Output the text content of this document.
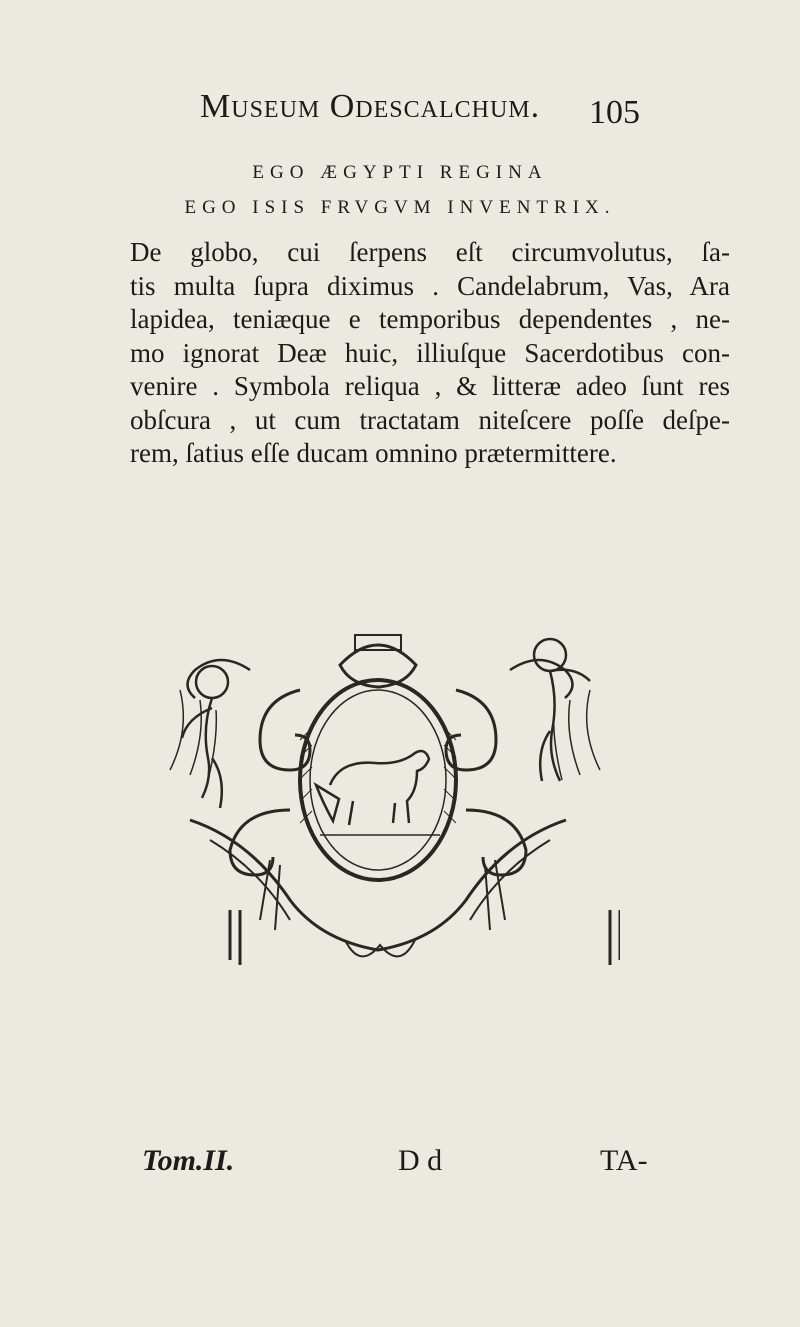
Museum Odescalchum. 105
EGO ÆGYPTI REGINA
EGO ISIS FRVGVM INVENTRIX.

De globo, cui ſerpens eſt circumvolutus, ſa-
tis multa ſupra diximus . Candelabrum, Vas, Ara
lapidea, teniæque e temporibus dependentes , ne-
mo ignorat Deæ huic, illiuſque Sacerdotibus con-
venire . Symbola reliqua , & litteræ adeo ſunt res
obſcura , ut cum tractatam niteſcere poſſe deſpe-
rem, ſatius eſſe ducam omnino prætermittere.

Tom.II.	D d	TA-
